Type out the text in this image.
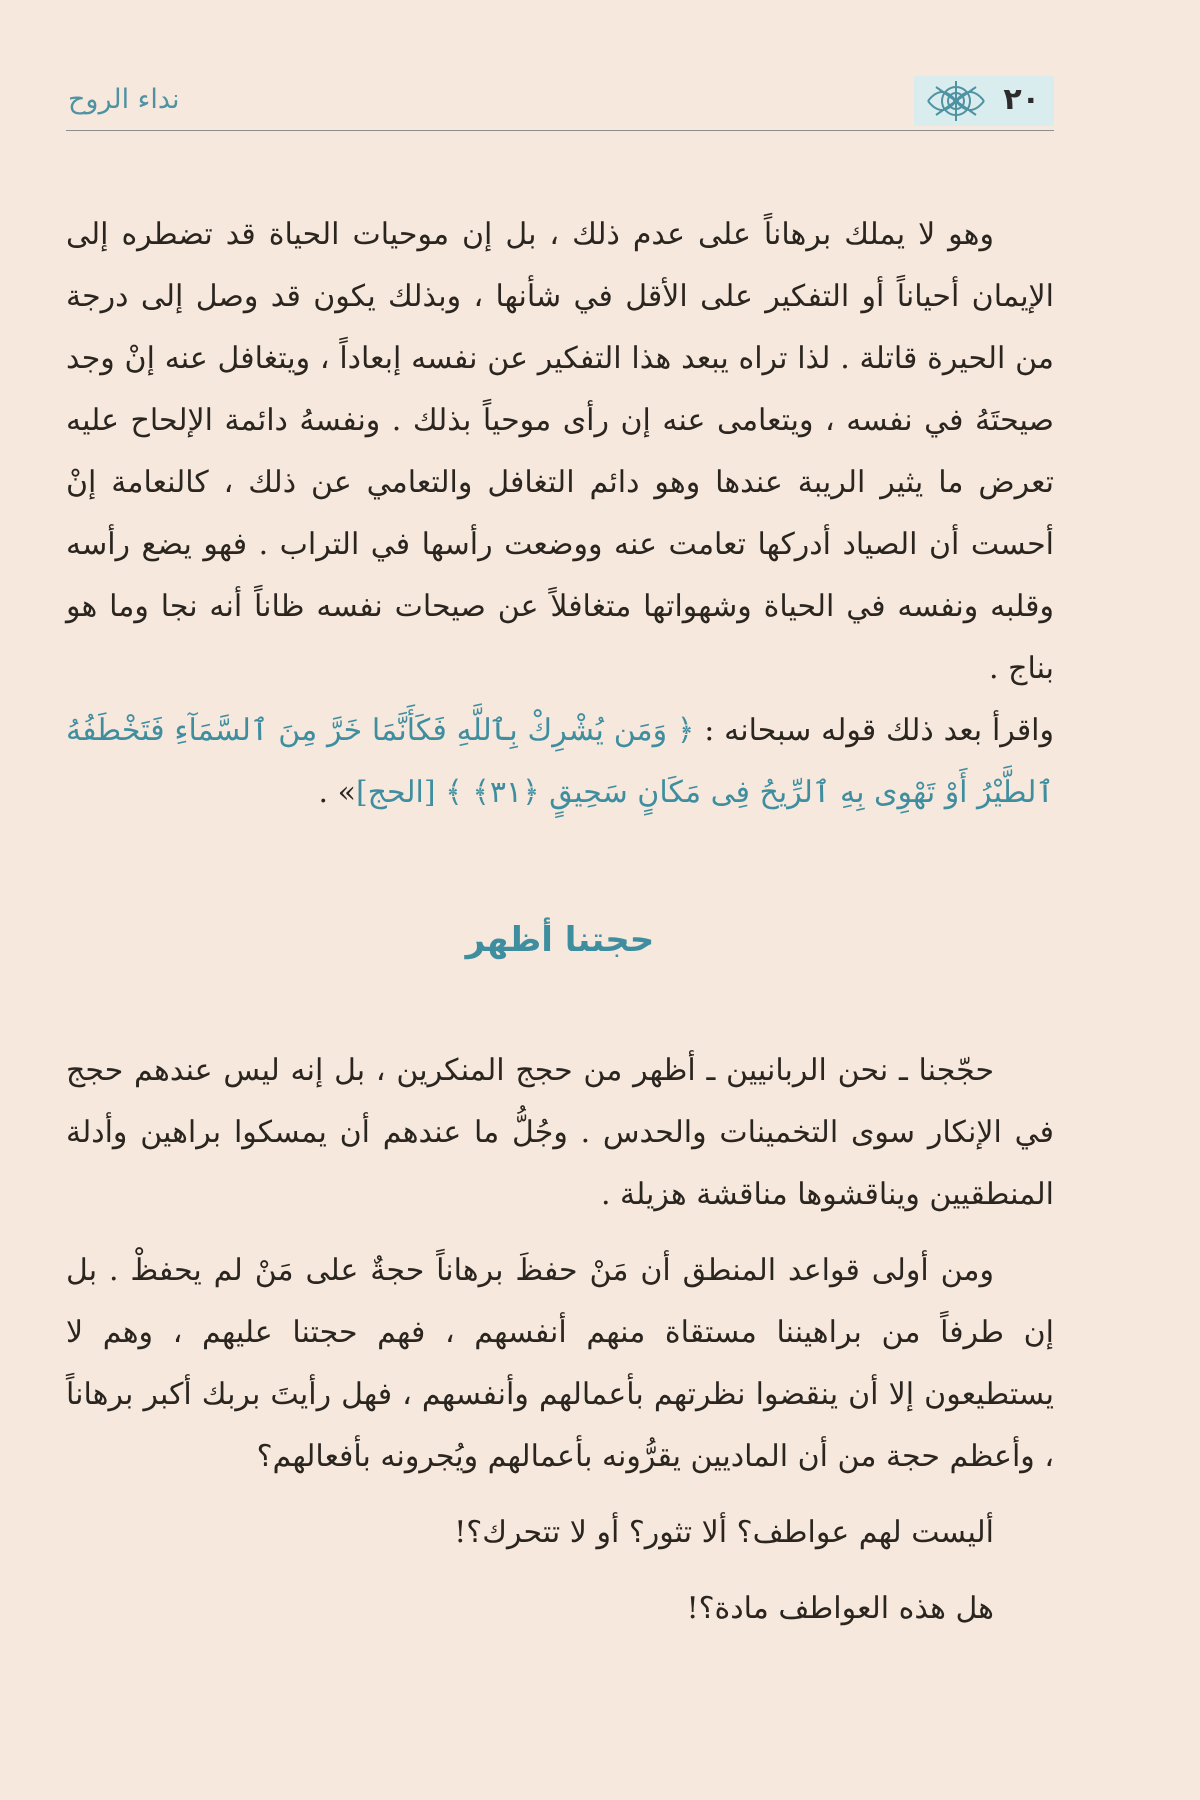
٢٠
نداء الروح

وهو لا يملك برهاناً على عدم ذلك ، بل إن موحيات الحياة قد تضطره إلى الإيمان أحياناً أو التفكير على الأقل في شأنها ، وبذلك يكون قد وصل إلى درجة من الحيرة قاتلة . لذا تراه يبعد هذا التفكير عن نفسه إبعاداً ، ويتغافل عنه إنْ وجد صيحتَهُ في نفسه ، ويتعامى عنه إن رأى موحياً بذلك . ونفسهُ دائمة الإلحاح عليه تعرض ما يثير الريبة عندها وهو دائم التغافل والتعامي عن ذلك ، كالنعامة إنْ أحست أن الصياد أدركها تعامت عنه ووضعت رأسها في التراب . فهو يضع رأسه وقلبه ونفسه في الحياة وشهواتها متغافلاً عن صيحات نفسه ظاناً أنه نجا وما هو بناج .

واقرأ بعد ذلك قوله سبحانه : ﴿ وَمَن يُشْرِكْ بِٱللَّهِ فَكَأَنَّمَا خَرَّ مِنَ ٱلسَّمَآءِ فَتَخْطَفُهُ ٱلطَّيْرُ أَوْ تَهْوِى بِهِ ٱلرِّيحُ فِى مَكَانٍ سَحِيقٍ ﴿٣١﴾ ﴾ [الحج]» .

حجتنا أظهر

حجّجنا ـ نحن الربانيين ـ أظهر من حجج المنكرين ، بل إنه ليس عندهم حجج في الإنكار سوى التخمينات والحدس . وجُلُّ ما عندهم أن يمسكوا براهين وأدلة المنطقيين ويناقشوها مناقشة هزيلة .

ومن أولى قواعد المنطق أن مَنْ حفظَ برهاناً حجةٌ على مَنْ لم يحفظْ . بل إن طرفاً من براهيننا مستقاة منهم أنفسهم ، فهم حجتنا عليهم ، وهم لا يستطيعون إلا أن ينقضوا نظرتهم بأعمالهم وأنفسهم ، فهل رأيتَ بربك أكبر برهاناً ، وأعظم حجة من أن الماديين يقرُّونه بأعمالهم ويُجرونه بأفعالهم؟

أليست لهم عواطف؟ ألا تثور؟ أو لا تتحرك؟!

هل هذه العواطف مادة؟!
